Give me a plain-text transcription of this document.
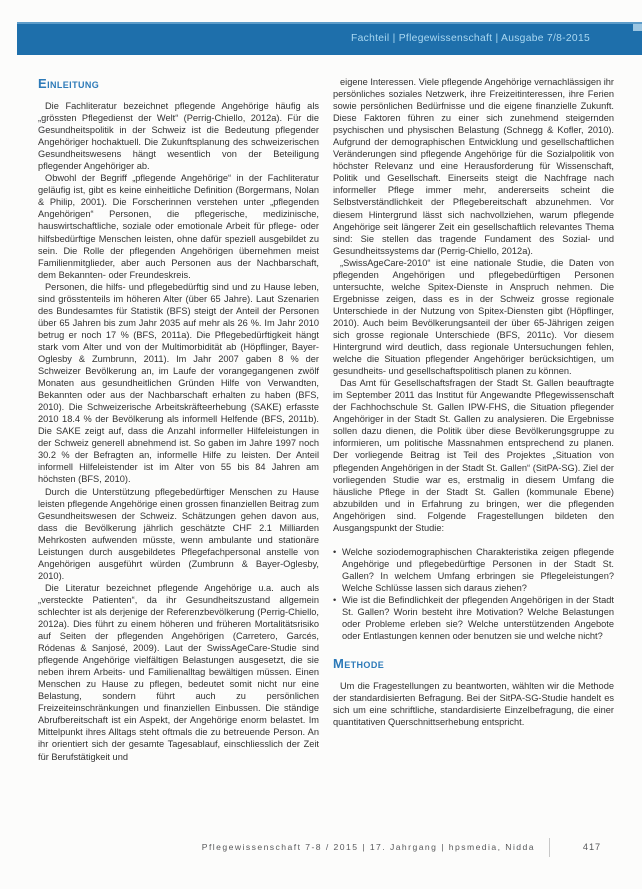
Fachteil | Pflegewissenschaft | Ausgabe 7/8-2015
Einleitung

Die Fachliteratur bezeichnet pflegende Angehörige häufig als „grössten Pflegedienst der Welt“ (Perrig-Chiello, 2012a). Für die Gesundheitspolitik in der Schweiz ist die Bedeutung pflegender Angehöriger hochaktuell. Die Zukunftsplanung des schweizerischen Gesundheitswesens hängt wesentlich von der Beteiligung pflegender Angehöriger ab.

Obwohl der Begriff „pflegende Angehörige“ in der Fachliteratur geläufig ist, gibt es keine einheitliche Definition (Borgermans, Nolan & Philip, 2001). Die Forscherinnen verstehen unter „pflegenden Angehörigen“ Personen, die pflegerische, medizinische, hauswirtschaftliche, soziale oder emotionale Arbeit für pflege- oder hilfsbedürftige Menschen leisten, ohne dafür speziell ausgebildet zu sein. Die Rolle der pflegenden Angehörigen übernehmen meist Familienmitglieder, aber auch Personen aus der Nachbarschaft, dem Bekannten- oder Freundeskreis.

Personen, die hilfs- und pflegebedürftig sind und zu Hause leben, sind grösstenteils im höheren Alter (über 65 Jahre). Laut Szenarien des Bundesamtes für Statistik (BFS) steigt der Anteil der Personen über 65 Jahren bis zum Jahr 2035 auf mehr als 26 %. Im Jahr 2010 betrug er noch 17 % (BFS, 2011a). Die Pflegebedürftigkeit hängt stark vom Alter und von der Multimorbidität ab (Höpflinger, Bayer-Oglesby & Zumbrunn, 2011). Im Jahr 2007 gaben 8 % der Schweizer Bevölkerung an, im Laufe der vorangegangenen zwölf Monaten aus gesundheitlichen Gründen Hilfe von Verwandten, Bekannten oder aus der Nachbarschaft erhalten zu haben (BFS, 2010). Die Schweizerische Arbeitskräfteerhebung (SAKE) erfasste 2010 18.4 % der Bevölkerung als informell Helfende (BFS, 2011b). Die SAKE zeigt auf, dass die Anzahl informeller Hilfeleistungen in der Schweiz generell abnehmend ist. So gaben im Jahre 1997 noch 30.2 % der Befragten an, informelle Hilfe zu leisten. Der Anteil informell Hilfeleistender ist im Alter von 55 bis 84 Jahren am höchsten (BFS, 2010).

Durch die Unterstützung pflegebedürftiger Menschen zu Hause leisten pflegende Angehörige einen grossen finanziellen Beitrag zum Gesundheitswesen der Schweiz. Schätzungen gehen davon aus, dass die Bevölkerung jährlich geschätzte CHF 2.1 Milliarden Mehrkosten aufwenden müsste, wenn ambulante und stationäre Leistungen durch ausgebildetes Pflegefachpersonal anstelle von Angehörigen ausgeführt würden (Zumbrunn & Bayer-Oglesby, 2010).

Die Literatur bezeichnet pflegende Angehörige u.a. auch als „versteckte Patienten“, da ihr Gesundheitszustand allgemein schlechter ist als derjenige der Referenzbevölkerung (Perrig-Chiello, 2012a). Dies führt zu einem höheren und früheren Mortalitätsrisiko auf Seiten der pflegenden Angehörigen (Carretero, Garcés, Ródenas & Sanjosé, 2009). Laut der SwissAgeCare-Studie sind pflegende Angehörige vielfältigen Belastungen ausgesetzt, die sie neben ihrem Arbeits- und Familienalltag bewältigen müssen. Einen Menschen zu Hause zu pflegen, bedeutet somit nicht nur eine Belastung, sondern führt auch zu persönlichen Freizeiteinschränkungen und finanziellen Einbussen. Die ständige Abrufbereitschaft ist ein Aspekt, der Angehörige enorm belastet. Im Mittelpunkt ihres Alltags steht oftmals die zu betreuende Person. An ihr orientiert sich der gesamte Tagesablauf, einschliesslich der Zeit für Berufstätigkeit und

eigene Interessen. Viele pflegende Angehörige vernachlässigen ihr persönliches soziales Netzwerk, ihre Freizeitinteressen, ihre Ferien sowie persönlichen Bedürfnisse und die eigene finanzielle Zukunft. Diese Faktoren führen zu einer sich zunehmend steigernden psychischen und physischen Belastung (Schnegg & Kofler, 2010). Aufgrund der demographischen Entwicklung und gesellschaftlichen Veränderungen sind pflegende Angehörige für die Sozialpolitik von höchster Relevanz und eine Herausforderung für Wissenschaft, Politik und Gesellschaft. Einerseits steigt die Nachfrage nach informeller Pflege immer mehr, andererseits scheint die Selbstverständlichkeit der Pflegebereitschaft abzunehmen. Vor diesem Hintergrund lässt sich nachvollziehen, warum pflegende Angehörige seit längerer Zeit ein gesellschaftlich relevantes Thema sind: Sie stellen das tragende Fundament des Sozial- und Gesundheitssystems dar (Perrig-Chiello, 2012a).

„SwissAgeCare-2010“ ist eine nationale Studie, die Daten von pflegenden Angehörigen und pflegebedürftigen Personen untersuchte, welche Spitex-Dienste in Anspruch nehmen. Die Ergebnisse zeigen, dass es in der Schweiz grosse regionale Unterschiede in der Nutzung von Spitex-Diensten gibt (Höpflinger, 2010). Auch beim Bevölkerungsanteil der über 65-Jährigen zeigen sich grosse regionale Unterschiede (BFS, 2011c). Vor diesem Hintergrund wird deutlich, dass regionale Untersuchungen fehlen, welche die Situation pflegender Angehöriger berücksichtigen, um gesundheits- und gesellschaftspolitisch planen zu können.

Das Amt für Gesellschaftsfragen der Stadt St. Gallen beauftragte im September 2011 das Institut für Angewandte Pflegewissenschaft der Fachhochschule St. Gallen IPW-FHS, die Situation pflegender Angehöriger in der Stadt St. Gallen zu analysieren. Die Ergebnisse sollen dazu dienen, die Politik über diese Bevölkerungsgruppe zu informieren, um politische Massnahmen entsprechend zu planen. Der vorliegende Beitrag ist Teil des Projektes „Situation von pflegenden Angehörigen in der Stadt St. Gallen“ (SitPA-SG). Ziel der vorliegenden Studie war es, erstmalig in diesem Umfang die häusliche Pflege in der Stadt St. Gallen (kommunale Ebene) abzubilden und in Erfahrung zu bringen, wer die pflegenden Angehörigen sind. Folgende Fragestellungen bildeten den Ausgangspunkt der Studie:

• Welche soziodemographischen Charakteristika zeigen pflegende Angehörige und pflegebedürftige Personen in der Stadt St. Gallen? In welchem Umfang erbringen sie Pflegeleistungen? Welche Schlüsse lassen sich daraus ziehen?
• Wie ist die Befindlichkeit der pflegenden Angehörigen in der Stadt St. Gallen? Worin besteht ihre Motivation? Welche Belastungen oder Probleme erleben sie? Welche unterstützenden Angebote oder Entlastungen kennen oder benutzen sie und welche nicht?
Methode

Um die Fragestellungen zu beantworten, wählten wir die Methode der standardisierten Befragung. Bei der SitPA-SG-Studie handelt es sich um eine schriftliche, standardisierte Einzelbefragung, die einer quantitativen Querschnittserhebung entspricht.

Pflegewissenschaft 7-8 / 2015 | 17. Jahrgang | hpsmedia, Nidda	417
